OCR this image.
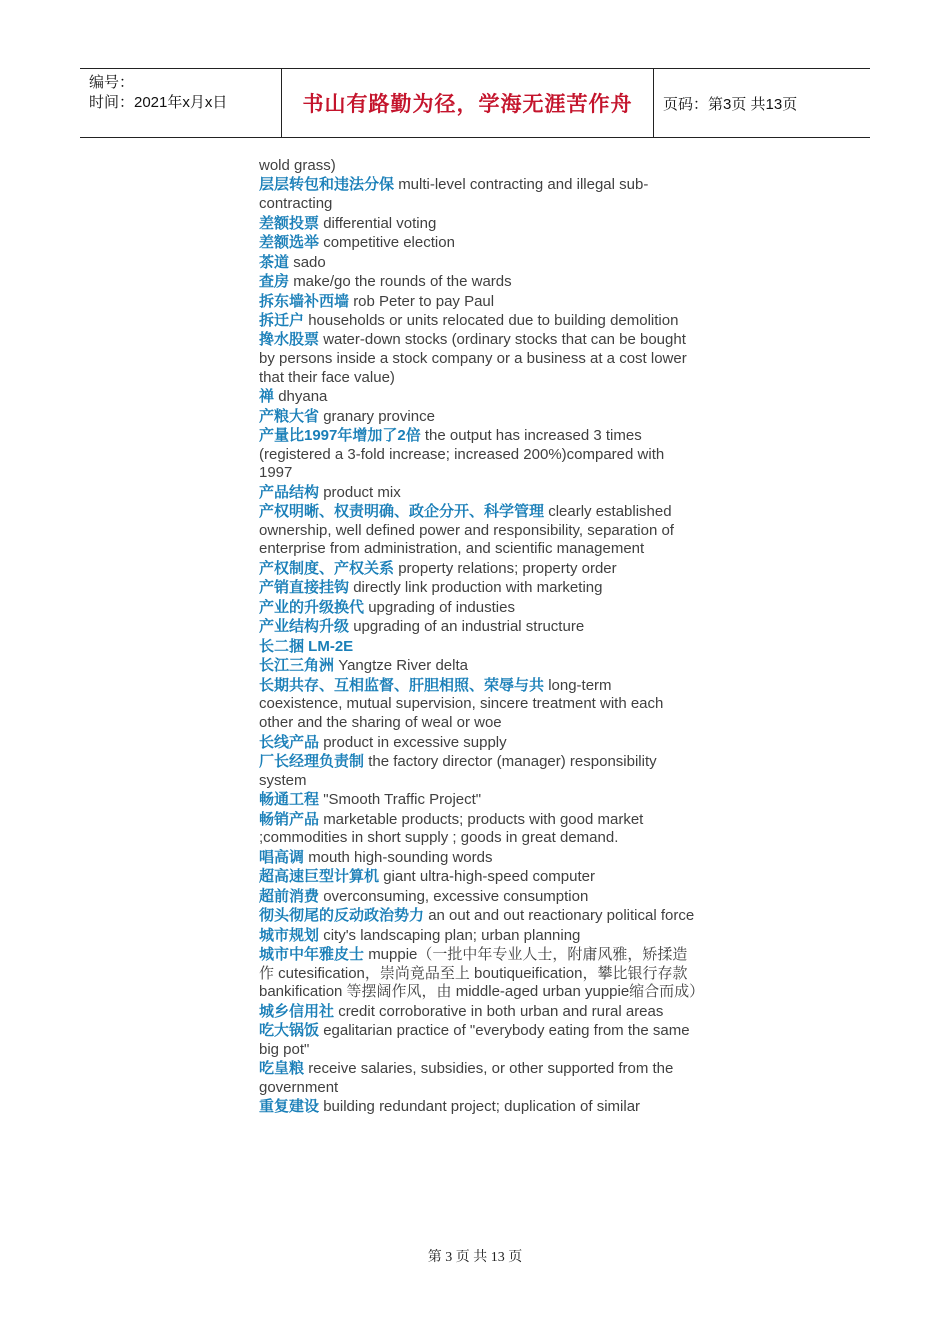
编号：
时间：2021年x月x日	书山有路勤为径，学海无涯苦作舟	页码：第3页 共13页
wold grass)
层层转包和违法分保 multi-level contracting and illegal sub-contracting
差额投票 differential voting
差额选举 competitive election
茶道 sado
查房 make/go the rounds of the wards
拆东墙补西墙 rob Peter to pay Paul
拆迁户 households or units relocated due to building demolition
搀水股票 water-down stocks (ordinary stocks that can be bought by persons inside a stock company or a business at a cost lower that their face value)
禅 dhyana
产粮大省 granary province
产量比1997年增加了2倍 the output has increased 3 times (registered a 3-fold increase; increased 200%)compared with 1997
产品结构 product mix
产权明晰、权责明确、政企分开、科学管理 clearly established ownership, well defined power and responsibility, separation of enterprise from administration, and scientific management
产权制度、产权关系 property relations; property order
产销直接挂钩 directly link production with marketing
产业的升级换代 upgrading of industies
产业结构升级 upgrading of an industrial structure
长二捆 LM-2E
长江三角洲 Yangtze River delta
长期共存、互相监督、肝胆相照、荣辱与共 long-term coexistence, mutual supervision, sincere treatment with each other and the sharing of weal or woe
长线产品 product in excessive supply
厂长经理负责制 the factory director (manager) responsibility system
畅通工程 "Smooth Traffic Project"
畅销产品 marketable products; products with good market ;commodities in short supply ; goods in great demand.
唱高调 mouth high-sounding words
超高速巨型计算机 giant ultra-high-speed computer
超前消费 overconsuming, excessive consumption
彻头彻尾的反动政治势力 an out and out reactionary political force
城市规划 city's landscaping plan; urban planning
城市中年雅皮士 muppie（一批中年专业人士，附庸风雅，矫揉造作 cutesification，崇尚竟品至上 boutiqueification，攀比银行存款 bankification 等摆阔作风，由 middle-aged urban yuppie缩合而成）
城乡信用社 credit corroborative in both urban and rural areas
吃大锅饭 egalitarian practice of "everybody eating from the same big pot"
吃皇粮 receive salaries, subsidies, or other supported from the government
重复建设 building redundant project; duplication of similar
第 3 页 共 13 页
